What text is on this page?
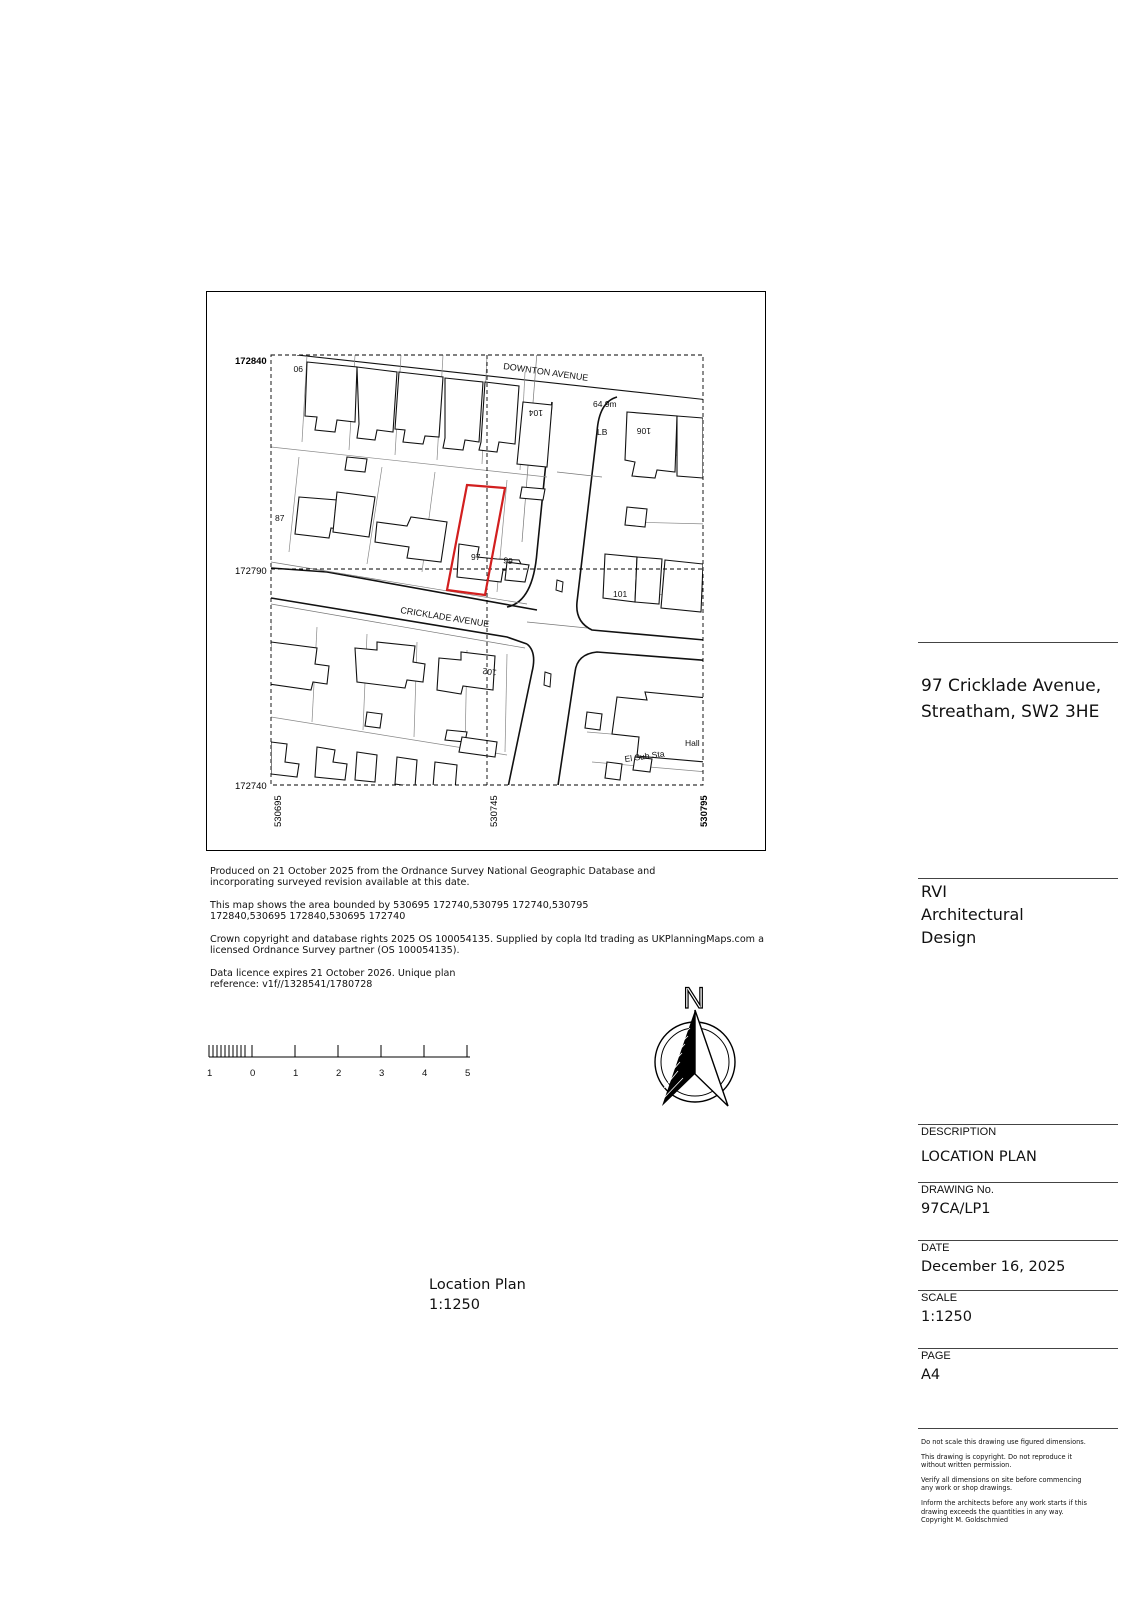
172840
172790
172740
530695	530745	530795
DOWNTON AVENUE
CRICKLADE AVENUE
90
104
106
87
97	99
101
102
64.9m
LB
Hall
El Sub Sta

Produced on 21 October 2025 from the Ordnance Survey National Geographic Database and incorporating surveyed revision available at this date.

This map shows the area bounded by 530695 172740,530795 172740,530795 172840,530695 172840,530695 172740

Crown copyright and database rights 2025 OS 100054135. Supplied by copla ltd trading as UKPlanningMaps.com a licensed Ordnance Survey partner (OS 100054135).

Data licence expires 21 October 2026. Unique plan reference: v1f//1328541/1780728

1	0	1	2	3	4	5
N
Location Plan
1:1250
97 Cricklade Avenue,
Streatham, SW2 3HE
RVI
Architectural
Design
DESCRIPTION
LOCATION PLAN
DRAWING No.
97CA/LP1
DATE
December 16, 2025
SCALE
1:1250
PAGE
A4

Do not scale this drawing use figured dimensions.

This drawing is copyright. Do not reproduce it without written permission.

Verify all dimensions on site before commencing any work or shop drawings.

Inform the architects before any work starts if this drawing exceeds the quantities in any way.

Copyright M. Goldschmied
